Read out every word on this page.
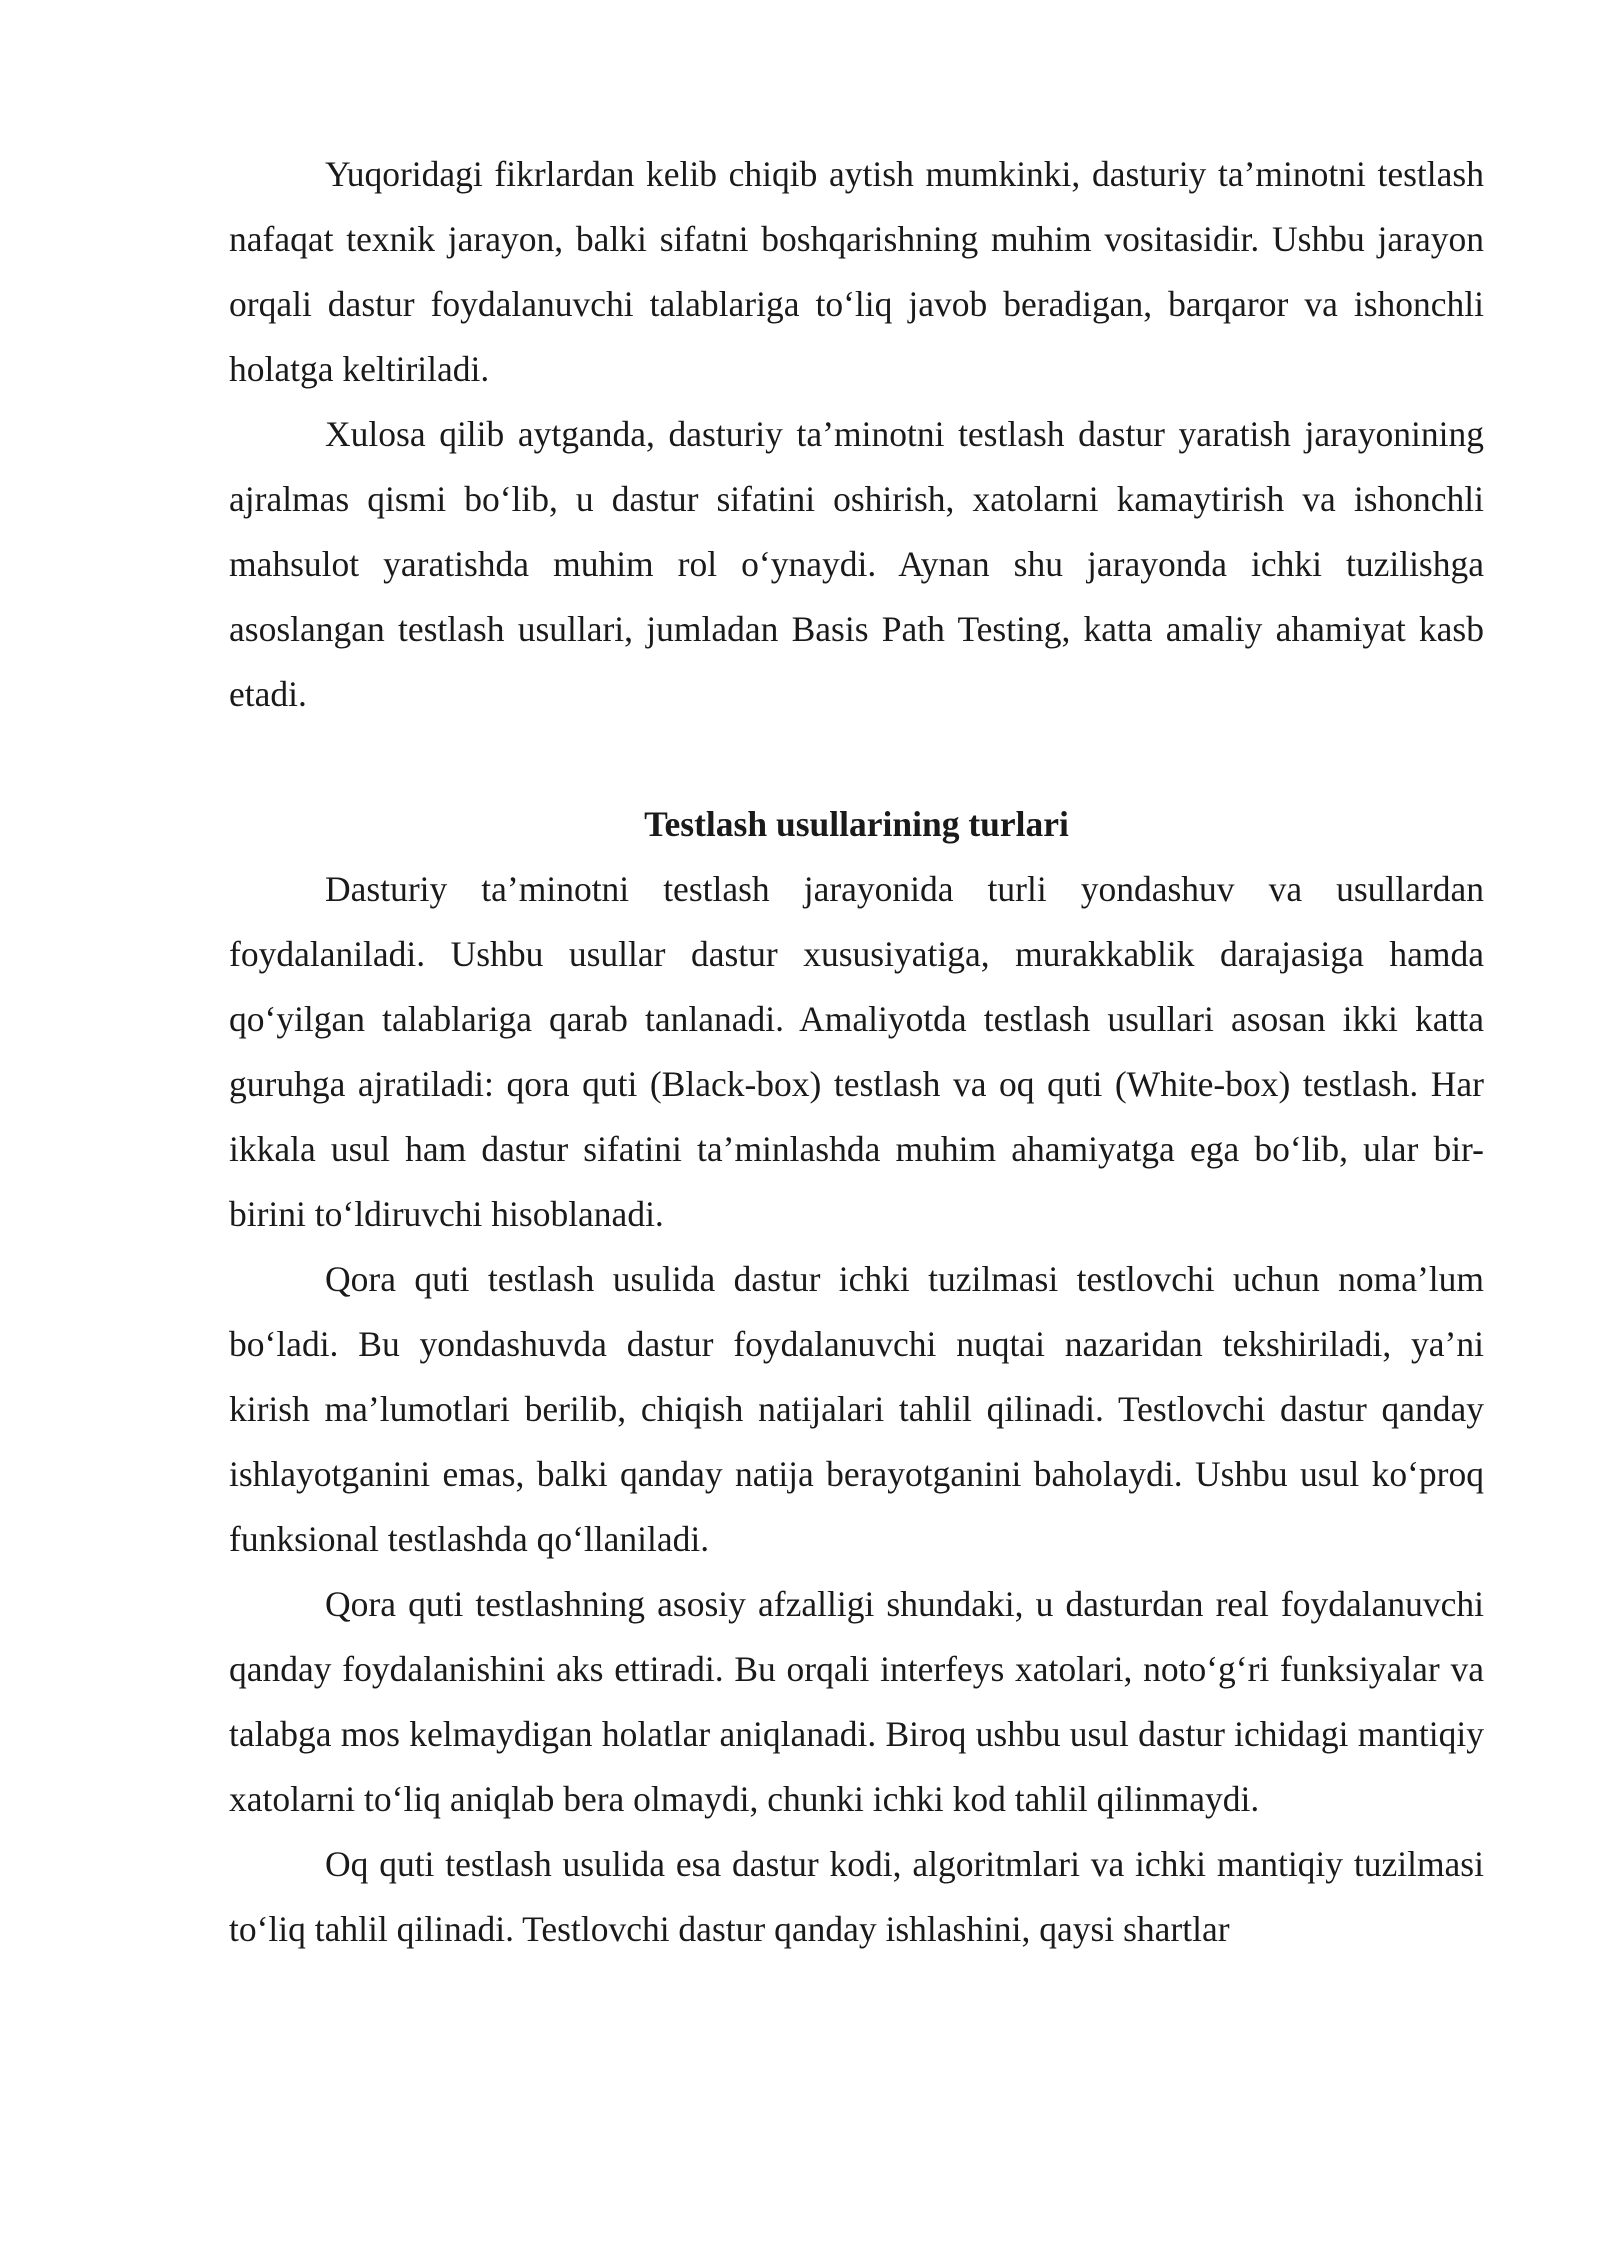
Yuqoridagi fikrlardan kelib chiqib aytish mumkinki, dasturiy ta’minotni testlash nafaqat texnik jarayon, balki sifatni boshqarishning muhim vositasidir. Ushbu jarayon orqali dastur foydalanuvchi talablariga to‘liq javob beradigan, barqaror va ishonchli holatga keltiriladi.

Xulosa qilib aytganda, dasturiy ta’minotni testlash dastur yaratish jarayonining ajralmas qismi bo‘lib, u dastur sifatini oshirish, xatolarni kamaytirish va ishonchli mahsulot yaratishda muhim rol o‘ynaydi. Aynan shu jarayonda ichki tuzilishga asoslangan testlash usullari, jumladan Basis Path Testing, katta amaliy ahamiyat kasb etadi.

Testlash usullarining turlari

Dasturiy ta’minotni testlash jarayonida turli yondashuv va usullardan foydalaniladi. Ushbu usullar dastur xususiyatiga, murakkablik darajasiga hamda qo‘yilgan talablariga qarab tanlanadi. Amaliyotda testlash usullari asosan ikki katta guruhga ajratiladi: qora quti (Black-box) testlash va oq quti (White-box) testlash. Har ikkala usul ham dastur sifatini ta’minlashda muhim ahamiyatga ega bo‘lib, ular bir-birini to‘ldiruvchi hisoblanadi.

Qora quti testlash usulida dastur ichki tuzilmasi testlovchi uchun noma’lum bo‘ladi. Bu yondashuvda dastur foydalanuvchi nuqtai nazaridan tekshiriladi, ya’ni kirish ma’lumotlari berilib, chiqish natijalari tahlil qilinadi. Testlovchi dastur qanday ishlayotganini emas, balki qanday natija berayotganini baholaydi. Ushbu usul ko‘proq funksional testlashda qo‘llaniladi.

Qora quti testlashning asosiy afzalligi shundaki, u dasturdan real foydalanuvchi qanday foydalanishini aks ettiradi. Bu orqali interfeys xatolari, noto‘g‘ri funksiyalar va talabga mos kelmaydigan holatlar aniqlanadi. Biroq ushbu usul dastur ichidagi mantiqiy xatolarni to‘liq aniqlab bera olmaydi, chunki ichki kod tahlil qilinmaydi.

Oq quti testlash usulida esa dastur kodi, algoritmlari va ichki mantiqiy tuzilmasi to‘liq tahlil qilinadi. Testlovchi dastur qanday ishlashini, qaysi shartlar
